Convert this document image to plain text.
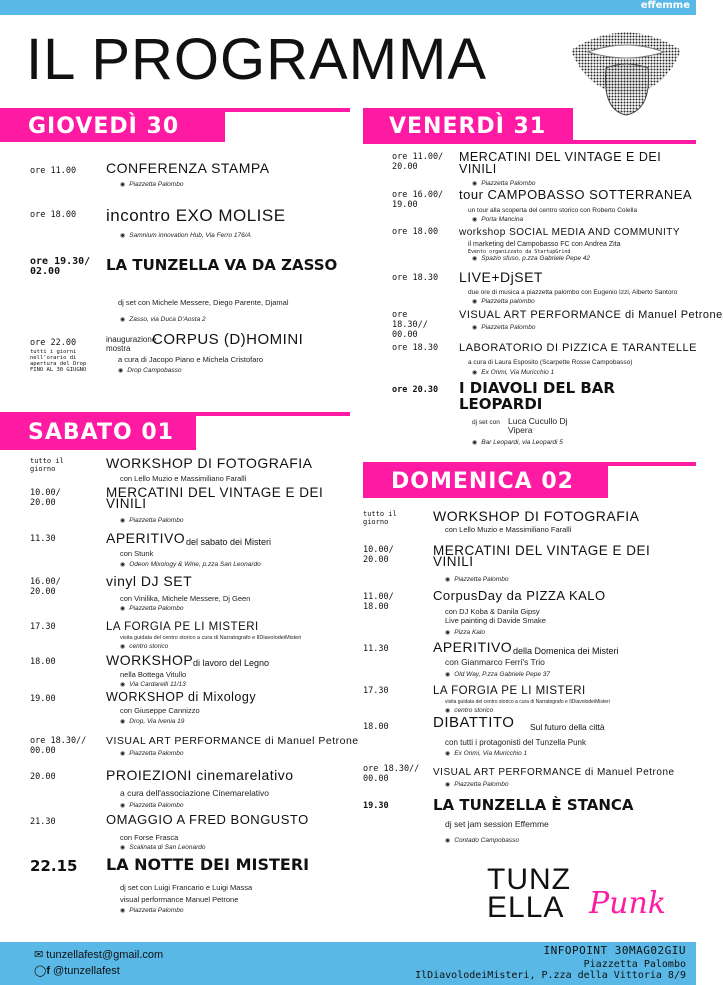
effemme
IL PROGRAMMA
GIOVEDÌ 30	VENERDÌ 31
SABATO 01
DOMENICA 02
ore 11.00 CONFERENZA STAMPA
◉ Piazzetta Palombo
ore 18.00 incontro EXO MOLISE
◉ Samnium innovation Hub, Via Ferro 176/A
ore 19.30/ 02.00	LA TUNZELLA VA DA ZASSO
dj set con Michele Messere, Diego Parente, Djamal
◉ Zasso, via Duca D'Aosta 2
ore 22.00
tutti i giorni nell'orario di apertura del Drop FINO AL 30 GIUGNO
inaugurazione mostra
CORPUS (D)HOMINI
a cura di Jacopo Piano e Michela Cristofaro
◉ Drop Campobasso
ore 11.00/ 20.00
MERCATINI DEL VINTAGE E DEI VINILI
◉ Piazzetta Palombo
ore 16.00/ 19.00
tour CAMPOBASSO SOTTERRANEA
un tour alla scoperta del centro storico con Roberto Colella
◉ Porta Mancina
ore 18.00 workshop SOCIAL MEDIA AND COMMUNITY
il marketing del Campobasso FC con Andrea Zita
Evento organizzato da StartupGrind
◉ Spazio sfuso, p.zza Gabriele Pepe 42
ore 18.30 LIVE+DjSET
due ore di musica a piazzetta palombo con Eugenio Izzi, Alberto Santoro
◉ Piazzetta palombo
ore 18.30// 00.00
VISUAL ART PERFORMANCE di Manuel Petrone
◉ Piazzetta Palombo
ore 18.30 LABORATORIO DI PIZZICA E TARANTELLE
a cura di Laura Esposito (Scarpette Rosse Campobasso)
◉ Ex Onmi, Via Muricchio 1
ore 20.30 I DIAVOLI DEL BAR LEOPARDI
dj set con Luca Cucullo Dj Vipera
◉ Bar Leopardi, via Leopardi 5
tutto il giorno	WORKSHOP DI FOTOGRAFIA
con Lello Muzio e Massimiliano Farallì
10.00/ 20.00
MERCATINI DEL VINTAGE E DEI VINILI
◉ Piazzetta Palombo
11.30	APERITIVO del sabato dei Misteri
con Stunk
◉ Odeon Mixology & Wine, p.zza San Leonardo
16.00/ 20.00
vinyl DJ SET
con Vinilika, Michele Messere, Dj Geen
◉ Piazzetta Palombo
17.30	LA FORGIA PE LI MISTERI
visita guidata del centro storico a cura di Narratografo e IlDiavolodeiMisteri
◉ centro storico
18.00	WORKSHOP di lavoro del Legno
nella Bottega Vitullo
◉ Via Cardarelli 11/13
19.00	WORKSHOP di Mixology
con Giuseppe Cannizzo
◉ Drop, Via Ivenia 19
ore 18.30// 00.00
VISUAL ART PERFORMANCE di Manuel Petrone
◉ Piazzetta Palombo
20.00	PROIEZIONI cinemarelativo
a cura dell'associazione Cinemarelativo
◉ Piazzetta Palombo
21.30	OMAGGIO A FRED BONGUSTO
con Forse Frasca
◉ Scalinata di San Leonardo
22.15 LA NOTTE DEI MISTERI
dj set con Luigi Francario e Luigi Massa
visual performance Manuel Petrone
◉ Piazzetta Palombo
tutto il giorno	WORKSHOP DI FOTOGRAFIA
con Lello Muzio e Massimiliano Farallì
10.00/ 20.00
MERCATINI DEL VINTAGE E DEI VINILI
◉ Piazzetta Palombo
11.00/ 18.00
CorpusDay da PIZZA KALO
con DJ Koba & Danila Gipsy
Live painting di Davide Smake
◉ Pizza Kalo
11.30	APERITIVO della Domenica dei Misteri
con Gianmarco Ferri's Trio
◉ Old Way, P.zza Gabriele Pepe 37
17.30	LA FORGIA PE LI MISTERI
visita guidata del centro storico a cura di Narratografo e IlDiavolodeiMisteri
◉ centro storico
18.00	DIBATTITO Sul futuro della città
con tutti i protagonisti del Tunzella Punk
◉ Ex Onmi, Via Muricchio 1
ore 18.30// 00.00
VISUAL ART PERFORMANCE di Manuel Petrone
◉ Piazzetta Palombo
19.30	LA TUNZELLA È STANCA
dj set jam session Effemme
◉ Contado Campobasso
TUNZ
ELLA Punk
✉ tunzellafest@gmail.com
◯f @tunzellafest
INFOPOINT 30MAG02GIU
Piazzetta Palombo
IlDiavolodeiMisteri, P.zza della Vittoria 8/9
